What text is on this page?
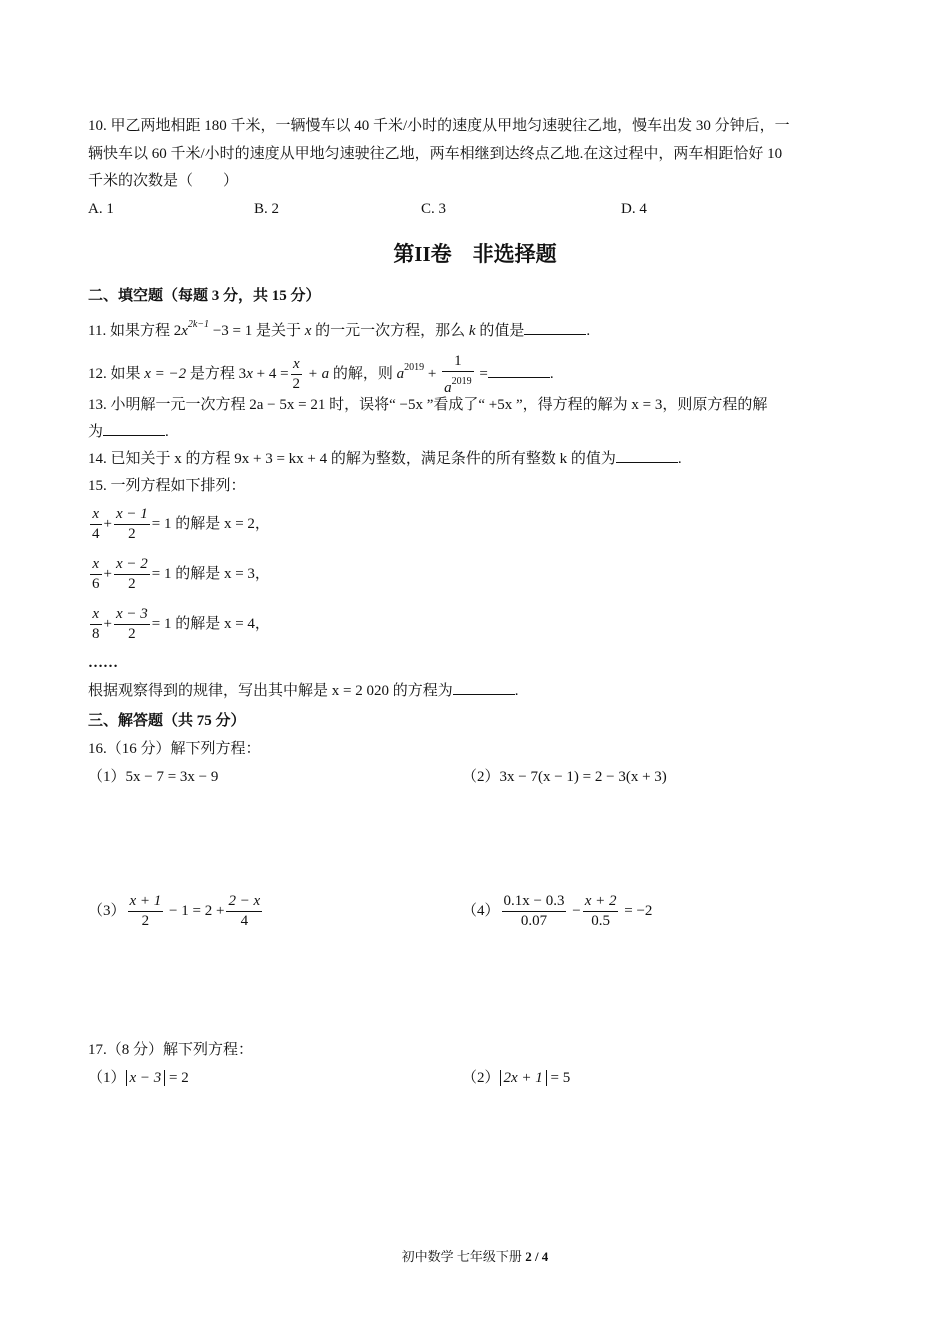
10. 甲乙两地相距 180 千米，一辆慢车以 40 千米/小时的速度从甲地匀速驶往乙地，慢车出发 30 分钟后，一
辆快车以 60 千米/小时的速度从甲地匀速驶往乙地，两车相继到达终点乙地.在这过程中，两车相距恰好 10
千米的次数是（　　）
A. 1	B. 2	C. 3	D. 4
第II卷　非选择题
二、填空题（每题 3 分，共 15 分）
11. 如果方程 $2x^{2k-1} -3 = 1$ 是关于 x 的一元一次方程，那么 k 的值是	.
12. 如果 x = −2 是方程 $3x + 4 = \frac{x}{2} + a$ 的解，则 $a^{2019} + \frac{1}{a^{2019}}$ =	.
13. 小明解一元一次方程 2a − 5x = 21 时，误将“ −5x ”看成了“ +5x ”，得方程的解为 x = 3，则原方程的解
为	.
14. 已知关于 x 的方程 9x + 3 = kx + 4 的解为整数，满足条件的所有整数 k 的值为	.
15. 一列方程如下排列：
$\frac{x}{4} + \frac{x - 1}{2} = 1$ 的解是 x = 2，
$\frac{x}{6} + \frac{x - 2}{2} = 1$ 的解是 x = 3，
$\frac{x}{8} + \frac{x - 3}{2} = 1$ 的解是 x = 4，
……
根据观察得到的规律，写出其中解是 x = 2 020 的方程为	.
三、解答题（共 75 分）
16.（16 分）解下列方程：
（1）5x − 7 = 3x − 9	（2）3x − 7(x − 1) = 2 − 3(x + 3)
$(3) \frac{x + 1}{2} - 1 = 2 + \frac{2 - x}{4}$	$(4) \frac{0.1x - 0.3}{0.07} - \frac{x + 2}{0.5} = -2$
17.（8 分）解下列方程：
（1） x − 3 = 2	（2） 2x + 1 = 5
初中数学 七年级下册 2 / 4
